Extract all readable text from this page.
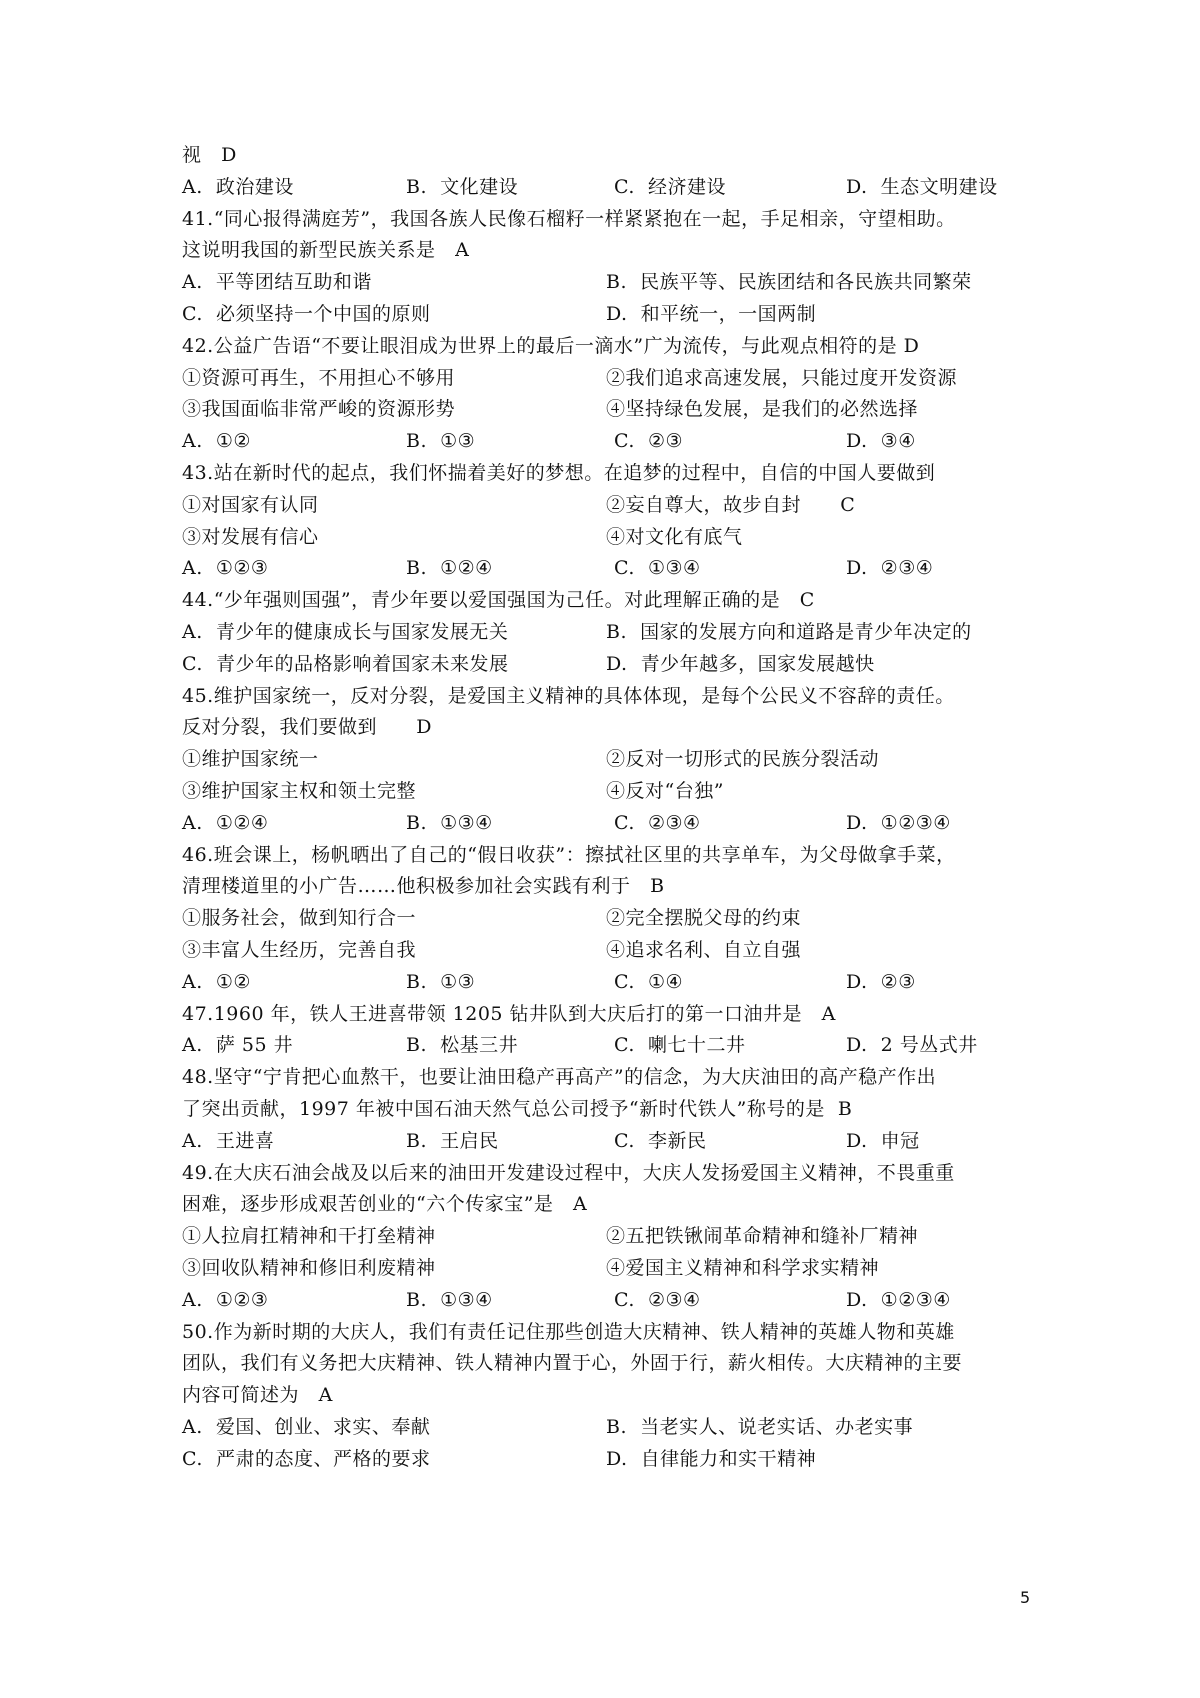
视   D
A.  政治建设	B.  文化建设	C.  经济建设	D.  生态文明建设
41.“同心报得满庭芳”，我国各族人民像石榴籽一样紧紧抱在一起，手足相亲，守望相助。
这说明我国的新型民族关系是   A
A.  平等团结互助和谐	B.  民族平等、民族团结和各民族共同繁荣
C.  必须坚持一个中国的原则	D.  和平统一，一国两制
42.公益广告语“不要让眼泪成为世界上的最后一滴水”广为流传，与此观点相符的是 D
①资源可再生，不用担心不够用	②我们追求高速发展，只能过度开发资源
③我国面临非常严峻的资源形势	④坚持绿色发展，是我们的必然选择
A.  ①②	B.  ①③	C.  ②③	D.  ③④
43.站在新时代的起点，我们怀揣着美好的梦想。在追梦的过程中，自信的中国人要做到
①对国家有认同	②妄自尊大，故步自封      C
③对发展有信心	④对文化有底气
A.  ①②③	B.  ①②④	C.  ①③④	D.  ②③④
44.“少年强则国强”，青少年要以爱国强国为己任。对此理解正确的是   C
A.  青少年的健康成长与国家发展无关	B.  国家的发展方向和道路是青少年决定的
C.  青少年的品格影响着国家未来发展	D.  青少年越多，国家发展越快
45.维护国家统一，反对分裂，是爱国主义精神的具体体现，是每个公民义不容辞的责任。
反对分裂，我们要做到      D
①维护国家统一	②反对一切形式的民族分裂活动
③维护国家主权和领土完整	④反对“台独”
A.  ①②④	B.  ①③④	C.  ②③④	D.  ①②③④
46.班会课上，杨帆晒出了自己的“假日收获”：擦拭社区里的共享单车，为父母做拿手菜，
清理楼道里的小广告……他积极参加社会实践有利于   B
①服务社会，做到知行合一	②完全摆脱父母的约束
③丰富人生经历，完善自我	④追求名利、自立自强
A.  ①②	B.  ①③	C.  ①④	D.  ②③
47.1960 年，铁人王进喜带领 1205 钻井队到大庆后打的第一口油井是   A
A.  萨 55 井	B.  松基三井	C.  喇七十二井	D.  2 号丛式井
48.坚守“宁肯把心血熬干，也要让油田稳产再高产”的信念，为大庆油田的高产稳产作出
了突出贡献，1997 年被中国石油天然气总公司授予“新时代铁人”称号的是  B
A.  王进喜	B.  王启民	C.  李新民	D.  申冠
49.在大庆石油会战及以后来的油田开发建设过程中，大庆人发扬爱国主义精神，不畏重重
困难，逐步形成艰苦创业的“六个传家宝”是   A
①人拉肩扛精神和干打垒精神	②五把铁锹闹革命精神和缝补厂精神
③回收队精神和修旧利废精神	④爱国主义精神和科学求实精神
A.  ①②③	B.  ①③④	C.  ②③④	D.  ①②③④
50.作为新时期的大庆人，我们有责任记住那些创造大庆精神、铁人精神的英雄人物和英雄
团队，我们有义务把大庆精神、铁人精神内置于心，外固于行，薪火相传。大庆精神的主要
内容可简述为   A
A.  爱国、创业、求实、奉献	B.  当老实人、说老实话、办老实事
C.  严肃的态度、严格的要求	D.  自律能力和实干精神
5
